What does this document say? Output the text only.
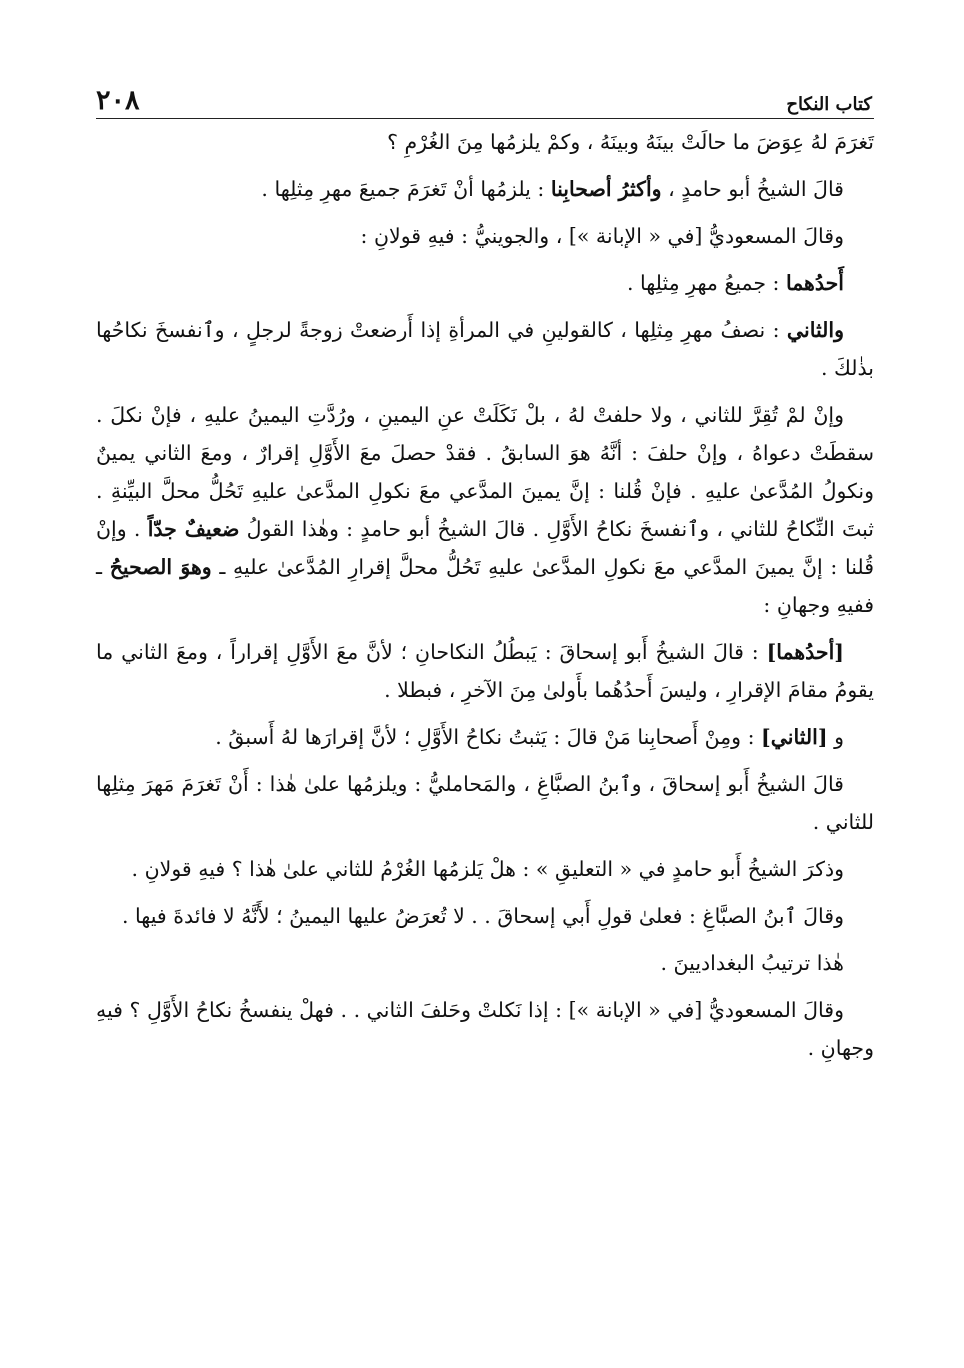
كتاب النكاح
٢٠٨

تَغرَمَ لهُ عِوَضَ ما حالَتْ بينَهُ وبينَهُ ، وكمْ يلزمُها مِنَ الغُرْمِ ؟

قالَ الشيخُ أبو حامدٍ ، وأكثرُ أصحابِنا : يلزمُها أنْ تَغرَمَ جميعَ مهرِ مِثلِها .

وقالَ المسعوديُّ [في « الإبانة »] ، والجوينيُّ : فيهِ قولانِ :

أَحدُهما : جميعُ مهرِ مِثلِها .

والثاني : نصفُ مهرِ مِثلِها ، كالقولينِ في المرأةِ إذا أَرضعتْ زوجةً لرجلٍ ، وٱنفسخَ نكاحُها بذٰلكَ .

وإنْ لمْ تُقِرَّ للثاني ، ولا حلفتْ لهُ ، بلْ نَكَلَتْ عنِ اليمينِ ، ورُدَّتِ اليمينُ عليهِ ، فإنْ نكلَ . سقطَتْ دعواهُ ، وإنْ حلفَ : أنَّهُ هوَ السابقُ . فقدْ حصلَ معَ الأَوَّلِ إقرارٌ ، ومعَ الثاني يمينٌ ونكولُ المُدَّعىٰ عليهِ . فإنْ قُلنا : إنَّ يمينَ المدَّعي معَ نكولِ المدَّعىٰ عليهِ تَحُلُّ محلَّ البيِّنةِ . ثبتَ النِّكاحُ للثاني ، وٱنفسخَ نكاحُ الأَوَّلِ . قالَ الشيخُ أبو حامدٍ : وهٰذا القولُ ضعيفٌ جدّاً . وإنْ قُلنا : إنَّ يمينَ المدَّعي معَ نكولِ المدَّعىٰ عليهِ تَحُلُّ محلَّ إقرارِ المُدَّعىٰ عليهِ ـ وهوَ الصحيحُ ـ ففيهِ وجهانِ :

[أحدُهما] : قالَ الشيخُ أَبو إسحاقَ : يَبطُلُ النكاحانِ ؛ لأنَّ معَ الأَوَّلِ إقراراً ، ومعَ الثاني ما يقومُ مقامَ الإقرارِ ، وليسَ أَحدُهُما بأَولىٰ مِنَ الآخرِ ، فبطلا .

و [الثاني] : ومِنْ أَصحابِنا مَنْ قالَ : يَثبتُ نكاحُ الأَوَّلِ ؛ لأنَّ إقرارَها لهُ أَسبقُ .

قالَ الشيخُ أَبو إسحاقَ ، وٱبنُ الصبَّاغِ ، والمَحامليُّ : ويلزمُها علىٰ هٰذا : أَنْ تَغرَمَ مَهرَ مِثلِها للثاني .

وذكرَ الشيخُ أَبو حامدٍ في « التعليقِ » : هلْ يَلزمُها الغُرْمُ للثاني علىٰ هٰذا ؟ فيهِ قولانِ .

وقالَ ٱبنُ الصبَّاغِ : فعلىٰ قولِ أَبي إسحاقَ . . لا تُعرَضُ عليها اليمينُ ؛ لأَنَّهُ لا فائدةَ فيها .

هٰذا ترتيبُ البغداديينَ .

وقالَ المسعوديُّ [في « الإبانة »] : إذا نَكلتْ وحَلفَ الثاني . . فهلْ ينفسخُ نكاحُ الأَوَّلِ ؟ فيهِ وجهانِ .
